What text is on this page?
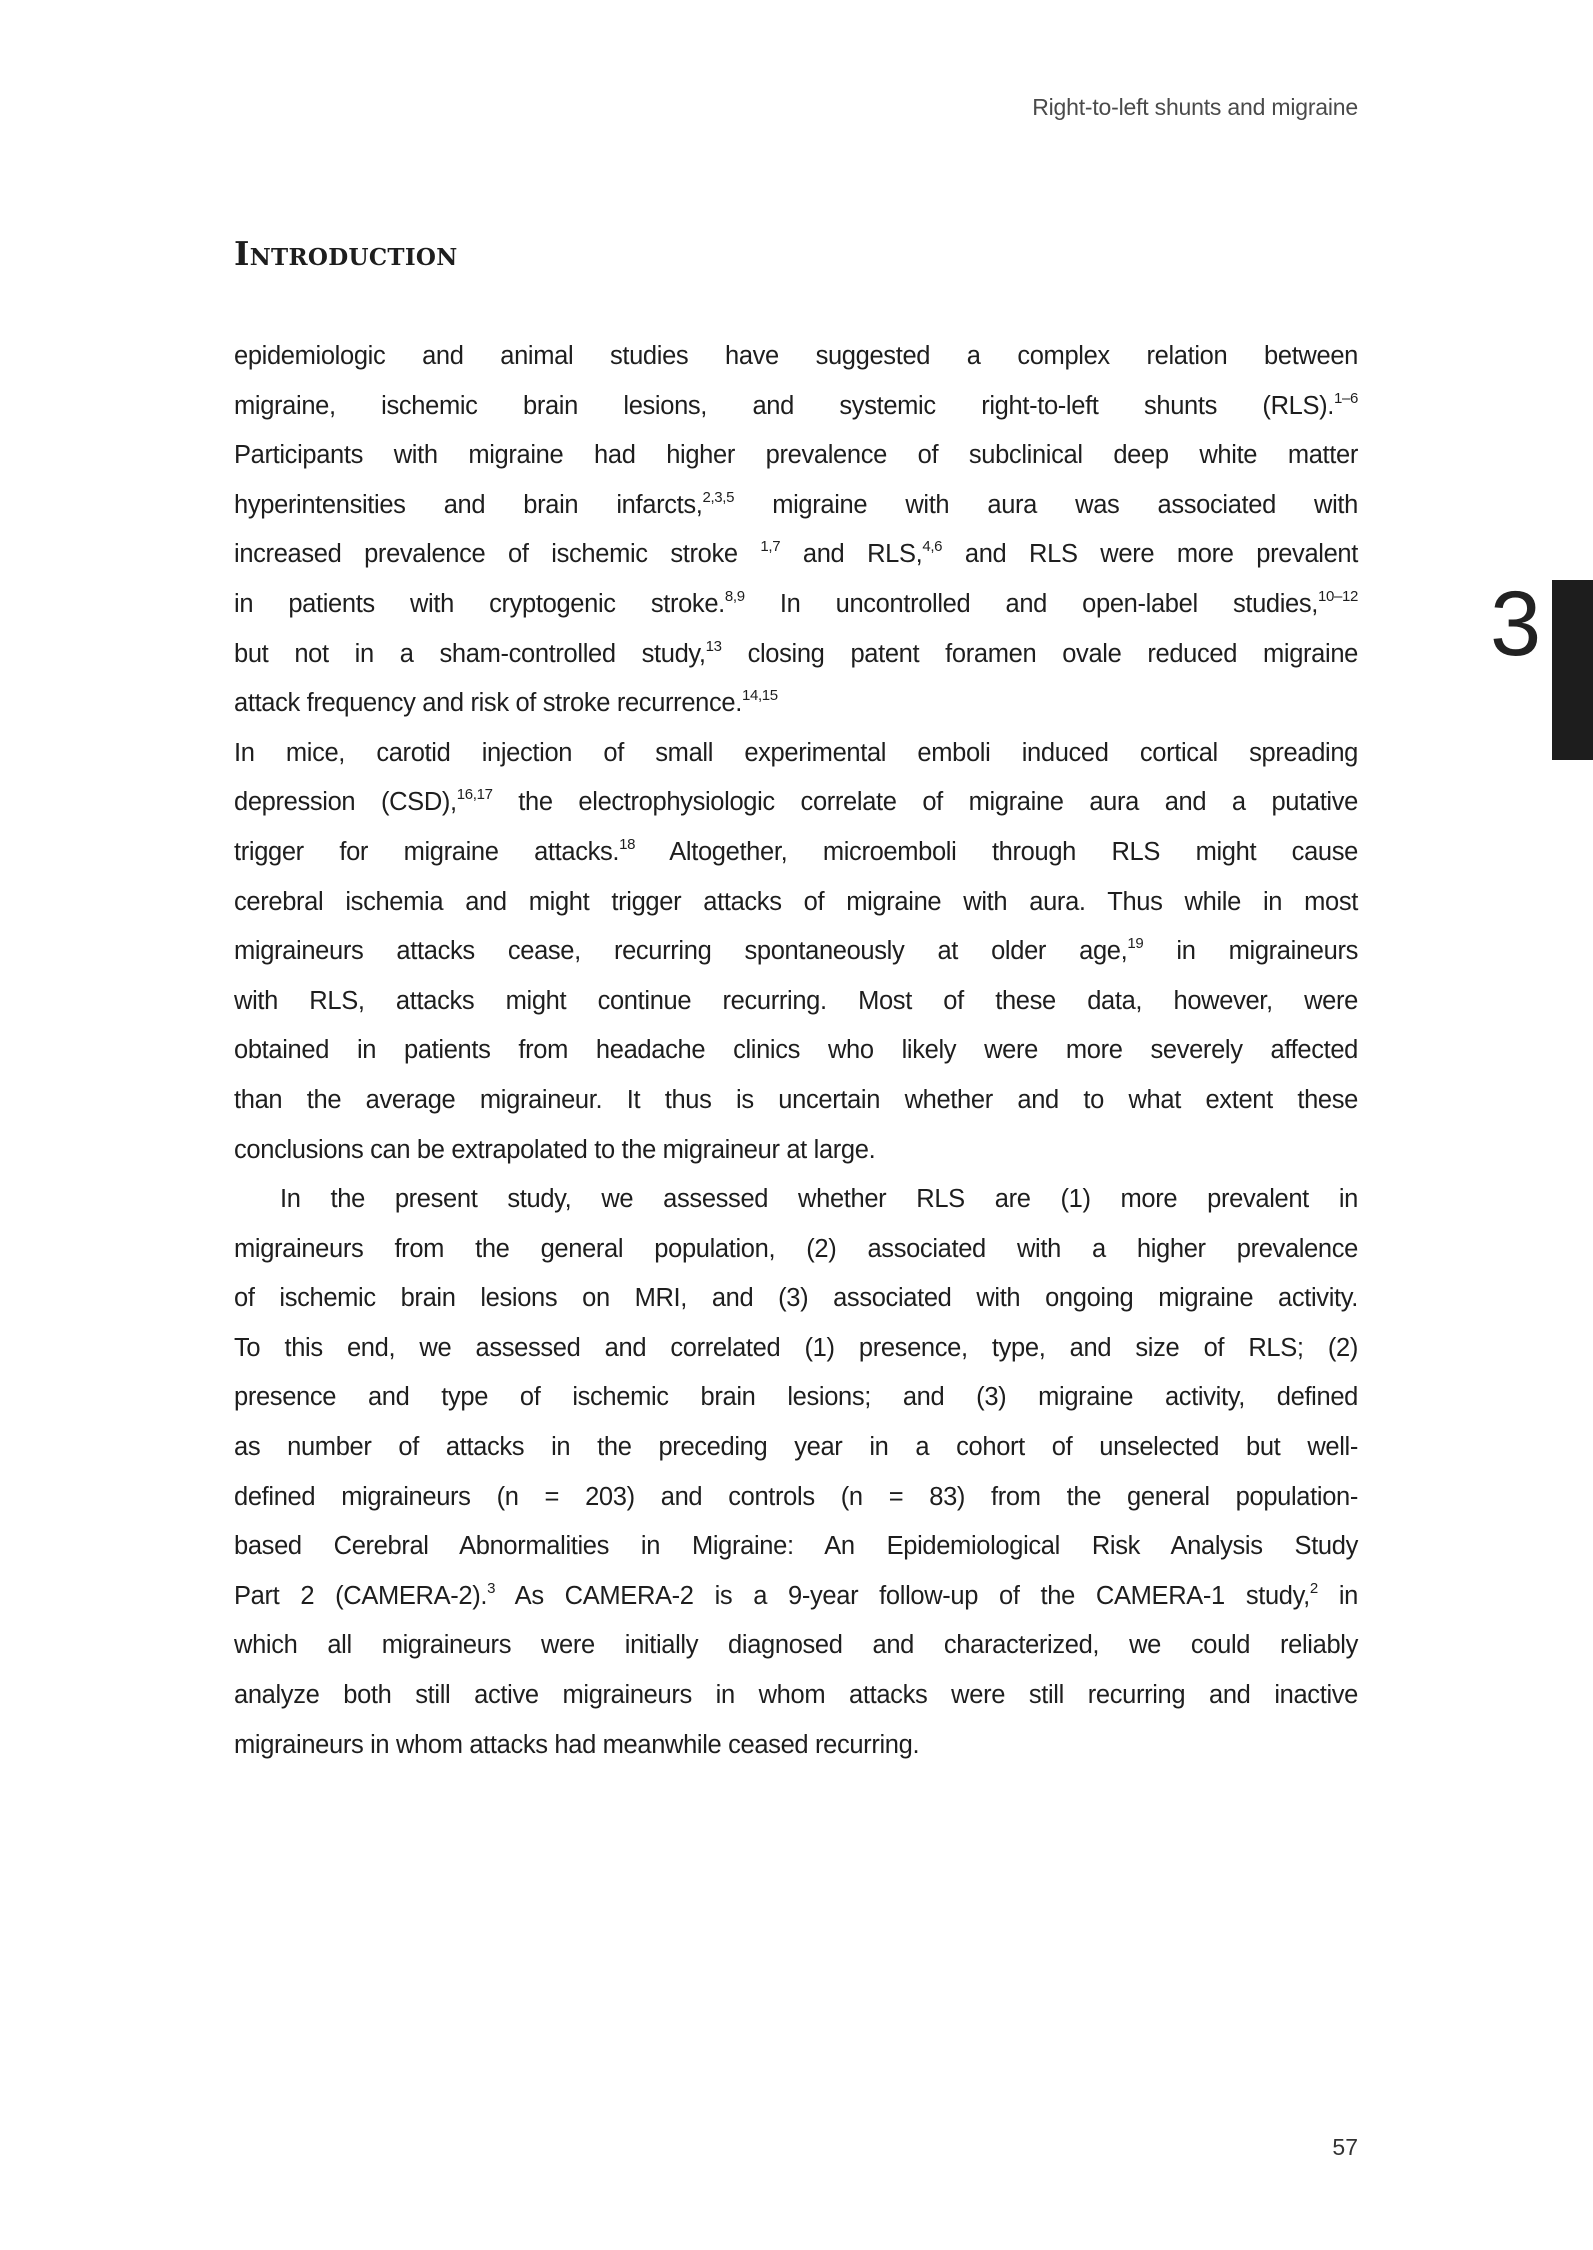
Right-to-left shunts and migraine
Introduction
epidemiologic and animal studies have suggested a complex relation between
migraine, ischemic brain lesions, and systemic right-to-left shunts (RLS).$^{1-6}$
Participants with migraine had higher prevalence of subclinical deep white matter
hyperintensities and brain infarcts,$^{2,3,5}$ migraine with aura was associated with
increased prevalence of ischemic stroke $^{1,7}$ and RLS,$^{4,6}$ and RLS were more prevalent
in patients with cryptogenic stroke.$^{8,9}$ In uncontrolled and open-label studies,$^{10-12}$
but not in a sham-controlled study,$^{13}$ closing patent foramen ovale reduced migraine
attack frequency and risk of stroke recurrence.$^{14,15}$
In mice, carotid injection of small experimental emboli induced cortical spreading
depression (CSD),$^{16,17}$ the electrophysiologic correlate of migraine aura and a putative
trigger for migraine attacks.$^{18}$ Altogether, microemboli through RLS might cause
cerebral ischemia and might trigger attacks of migraine with aura. Thus while in most
migraineurs attacks cease, recurring spontaneously at older age,$^{19}$ in migraineurs
with RLS, attacks might continue recurring. Most of these data, however, were
obtained in patients from headache clinics who likely were more severely affected
than the average migraineur. It thus is uncertain whether and to what extent these
conclusions can be extrapolated to the migraineur at large.
In the present study, we assessed whether RLS are (1) more prevalent in
migraineurs from the general population, (2) associated with a higher prevalence
of ischemic brain lesions on MRI, and (3) associated with ongoing migraine activity.
To this end, we assessed and correlated (1) presence, type, and size of RLS; (2)
presence and type of ischemic brain lesions; and (3) migraine activity, defined
as number of attacks in the preceding year in a cohort of unselected but well-
defined migraineurs (n = 203) and controls (n = 83) from the general population-
based Cerebral Abnormalities in Migraine: An Epidemiological Risk Analysis Study
Part 2 (CAMERA-2).$^3$ As CAMERA-2 is a 9-year follow-up of the CAMERA-1 study,$^2$ in
which all migraineurs were initially diagnosed and characterized, we could reliably
analyze both still active migraineurs in whom attacks were still recurring and inactive
migraineurs in whom attacks had meanwhile ceased recurring.
3
57
